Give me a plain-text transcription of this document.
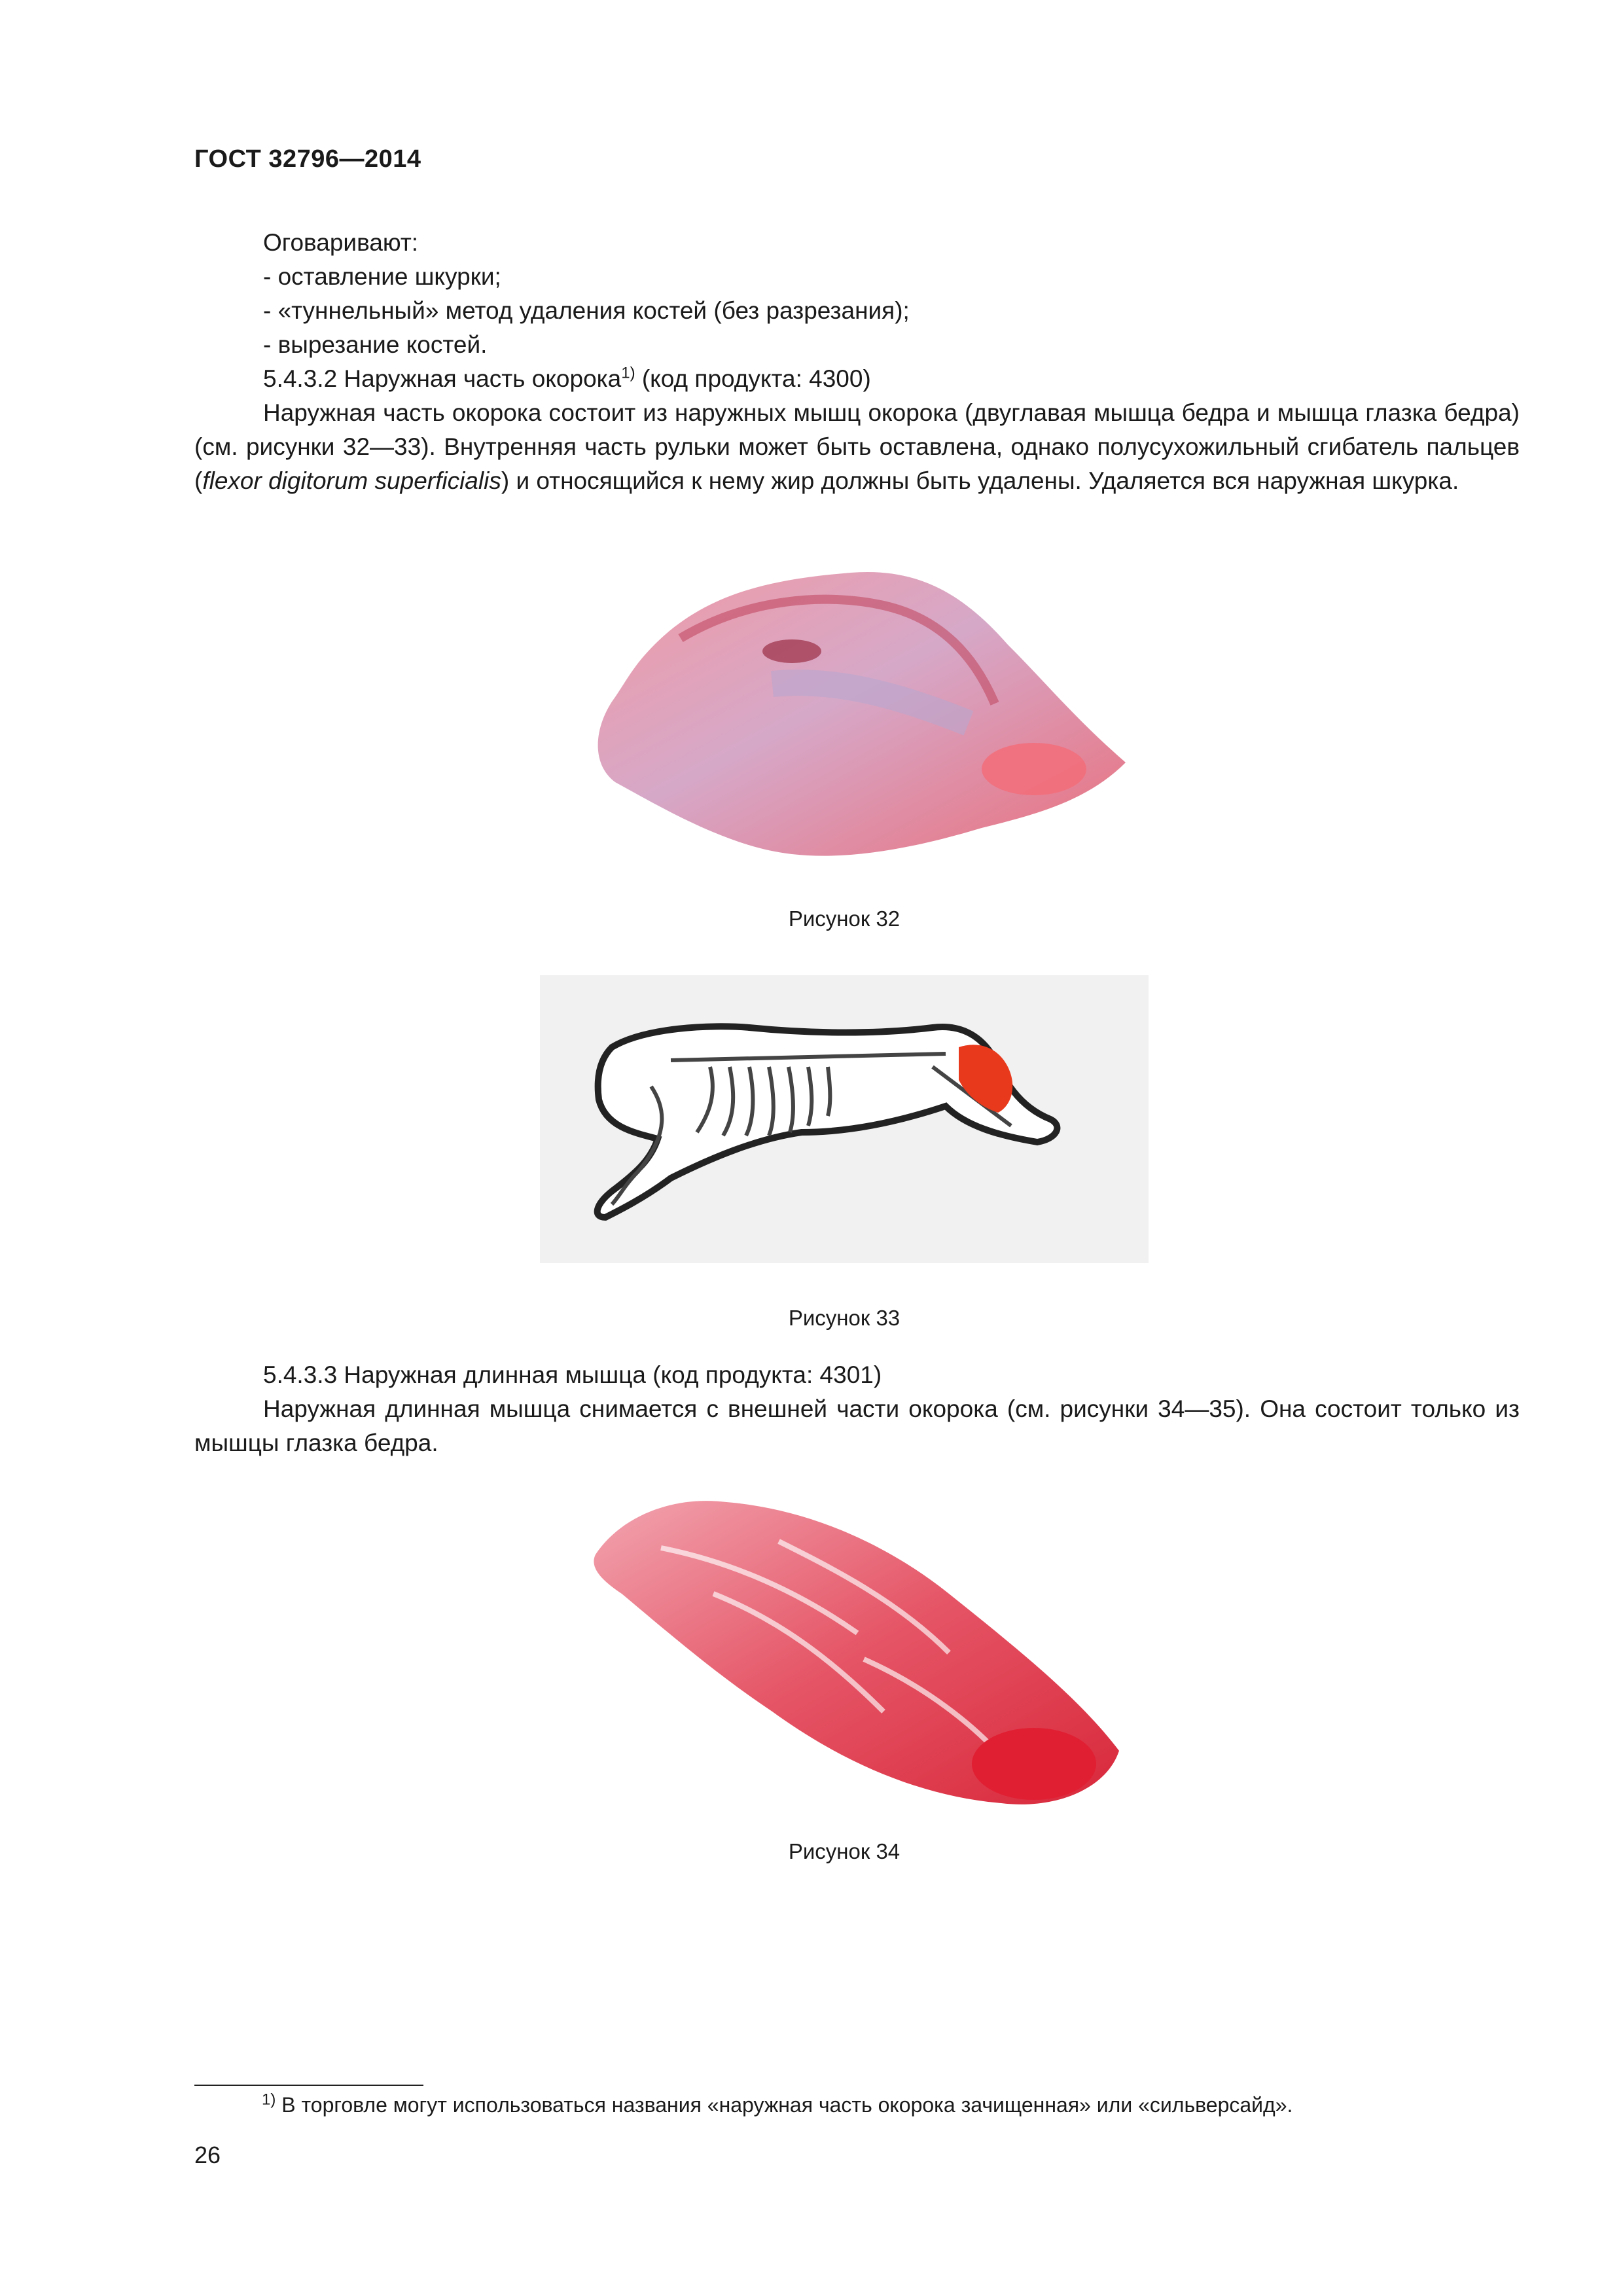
ГОСТ 32796—2014

Оговаривают:

- оставление шкурки;

- «туннельный» метод удаления костей (без разрезания);

- вырезание костей.

5.4.3.2 Наружная часть окорока$^{1)}$ (код продукта: 4300)

Наружная часть окорока состоит из наружных мышц окорока (двуглавая мышца бедра и мышца глазка бедра) (см. рисунки 32—33). Внутренняя часть рульки может быть оставлена, однако полусухожильный сгибатель пальцев (flexor digitorum superficialis) и относящийся к нему жир должны быть удалены. Удаляется вся наружная шкурка.

Рисунок 32
Рисунок 33

5.4.3.3 Наружная длинная мышца (код продукта: 4301)

Наружная длинная мышца снимается с внешней части окорока (см. рисунки 34—35). Она состоит только из мышцы глазка бедра.

Рисунок 34
$^{1)}$ В торговле могут использоваться названия «наружная часть окорока зачищенная» или «сильверсайд».
26
